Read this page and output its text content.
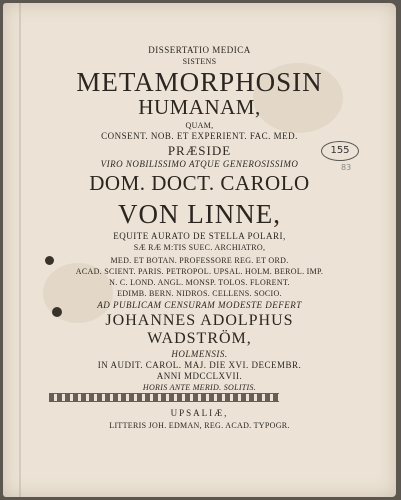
155
83
DISSERTATIO MEDICA
SISTENS
METAMORPHOSIN
HUMANAM,
QUAM,
CONSENT. NOB. ET EXPERIENT. FAC. MED.
PRÆSIDE
VIRO NOBILISSIMO ATQUE GENEROSISSIMO
DOM. DOCT. CAROLO
VON LINNE,
EQUITE AURATO DE STELLA POLARI,
SÆ RÆ M:TIS SUEC. ARCHIATRO,
MED. ET BOTAN. PROFESSORE REG. ET ORD.
ACAD. SCIENT. PARIS. PETROPOL. UPSAL. HOLM. BEROL. IMP.
N. C. LOND. ANGL. MONSP. TOLOS. FLORENT.
EDIMB. BERN. NIDROS. CELLENS. SOCIO.
AD PUBLICAM CENSURAM MODESTE DEFERT
JOHANNES ADOLPHUS
WADSTRÖM,
HOLMENSIS.
IN AUDIT. CAROL. MAJ. DIE XVI. DECEMBR.
ANNI MDCCLXVII.
HORIS ANTE MERID. SOLITIS.
UPSALIÆ,
LITTERIS JOH. EDMAN, REG. ACAD. TYPOGR.
